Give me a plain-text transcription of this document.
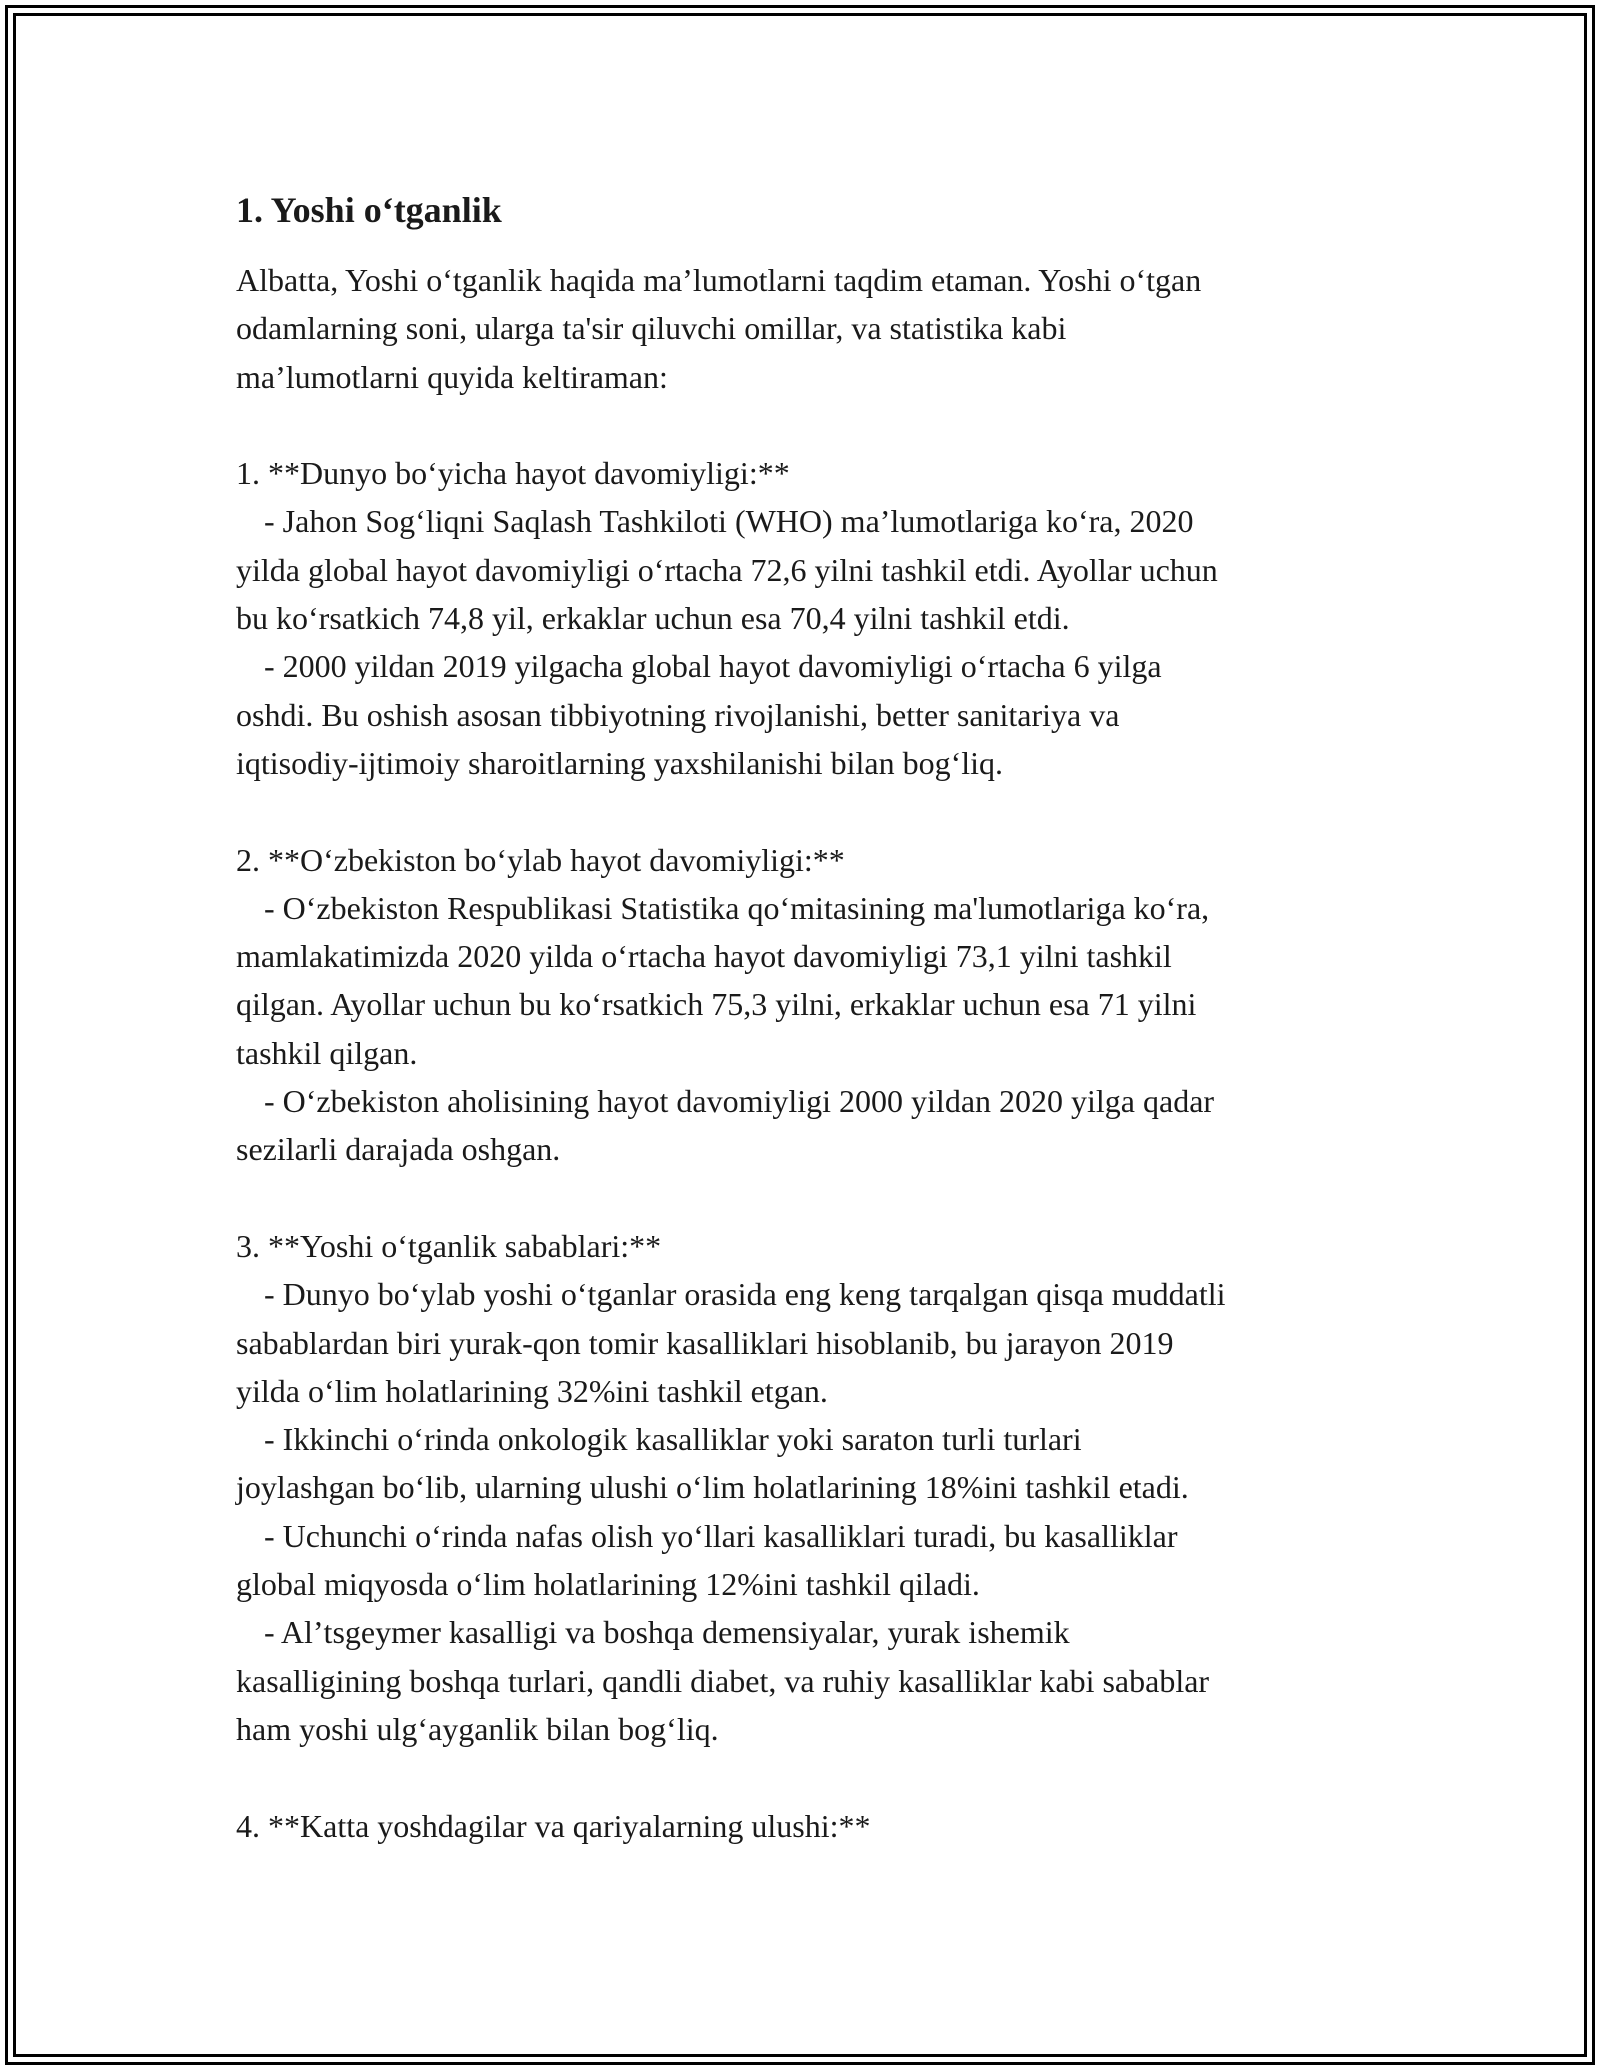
1. Yoshi oʻtganlik

Albatta, Yoshi oʻtganlik haqida maʼlumotlarni taqdim etaman. Yoshi oʻtgan
odamlarning soni, ularga ta'sir qiluvchi omillar, va statistika kabi
maʼlumotlarni quyida keltiraman:

1. **Dunyo boʻyicha hayot davomiyligi:**
- Jahon Sogʻliqni Saqlash Tashkiloti (WHO) maʼlumotlariga koʻra, 2020
yilda global hayot davomiyligi oʻrtacha 72,6 yilni tashkil etdi. Ayollar uchun
bu koʻrsatkich 74,8 yil, erkaklar uchun esa 70,4 yilni tashkil etdi.
- 2000 yildan 2019 yilgacha global hayot davomiyligi oʻrtacha 6 yilga
oshdi. Bu oshish asosan tibbiyotning rivojlanishi, better sanitariya va
iqtisodiy-ijtimoiy sharoitlarning yaxshilanishi bilan bogʻliq.

2. **Oʻzbekiston boʻylab hayot davomiyligi:**
- Oʻzbekiston Respublikasi Statistika qoʻmitasining ma'lumotlariga koʻra,
mamlakatimizda 2020 yilda oʻrtacha hayot davomiyligi 73,1 yilni tashkil
qilgan. Ayollar uchun bu koʻrsatkich 75,3 yilni, erkaklar uchun esa 71 yilni
tashkil qilgan.
- Oʻzbekiston aholisining hayot davomiyligi 2000 yildan 2020 yilga qadar
sezilarli darajada oshgan.

3. **Yoshi oʻtganlik sabablari:**
- Dunyo boʻylab yoshi oʻtganlar orasida eng keng tarqalgan qisqa muddatli
sabablardan biri yurak-qon tomir kasalliklari hisoblanib, bu jarayon 2019
yilda oʻlim holatlarining 32%ini tashkil etgan.
- Ikkinchi oʻrinda onkologik kasalliklar yoki saraton turli turlari
joylashgan boʻlib, ularning ulushi oʻlim holatlarining 18%ini tashkil etadi.
- Uchunchi oʻrinda nafas olish yoʻllari kasalliklari turadi, bu kasalliklar
global miqyosda oʻlim holatlarining 12%ini tashkil qiladi.
- Alʼtsgeymer kasalligi va boshqa demensiyalar, yurak ishemik
kasalligining boshqa turlari, qandli diabet, va ruhiy kasalliklar kabi sabablar
ham yoshi ulgʻayganlik bilan bogʻliq.

4. **Katta yoshdagilar va qariyalarning ulushi:**
